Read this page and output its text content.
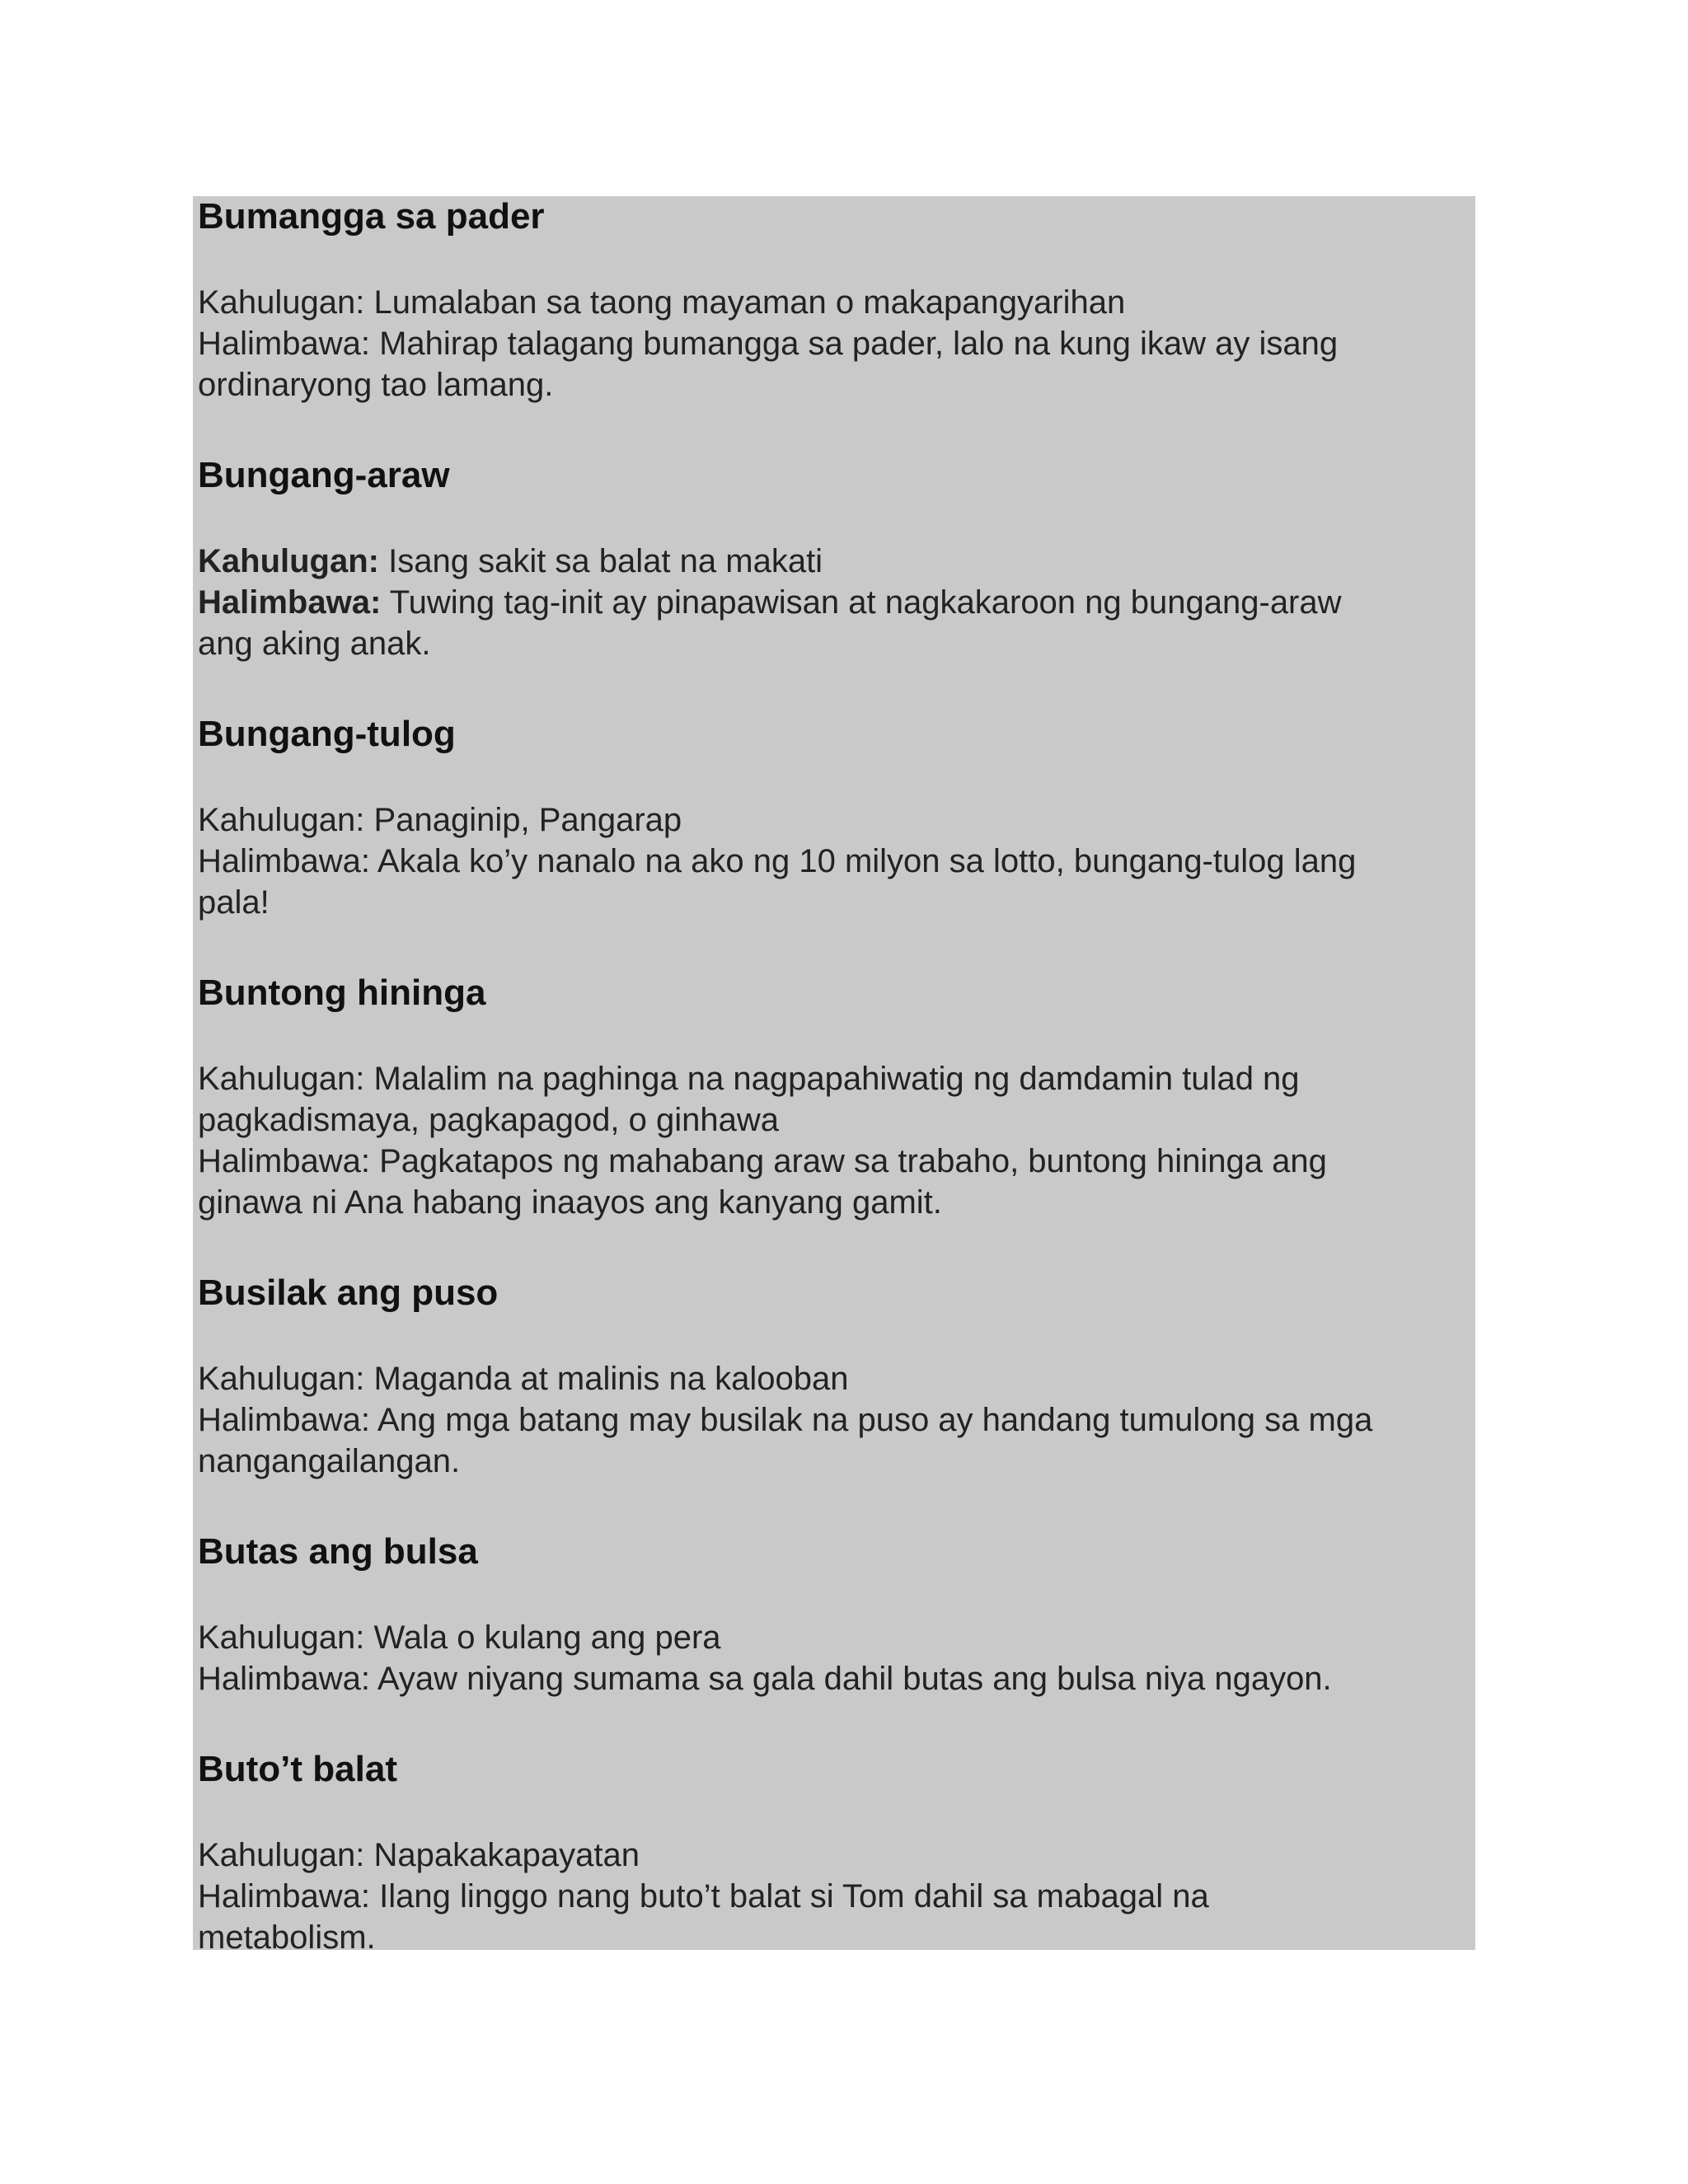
Bumangga sa pader
Kahulugan: Lumalaban sa taong mayaman o makapangyarihan
Halimbawa: Mahirap talagang bumangga sa pader, lalo na kung ikaw ay isang
ordinaryong tao lamang.
Bungang-araw
Kahulugan: Isang sakit sa balat na makati
Halimbawa: Tuwing tag-init ay pinapawisan at nagkakaroon ng bungang-araw
ang aking anak.
Bungang-tulog
Kahulugan: Panaginip, Pangarap
Halimbawa: Akala ko’y nanalo na ako ng 10 milyon sa lotto, bungang-tulog lang
pala!
Buntong hininga
Kahulugan: Malalim na paghinga na nagpapahiwatig ng damdamin tulad ng
pagkadismaya, pagkapagod, o ginhawa
Halimbawa: Pagkatapos ng mahabang araw sa trabaho, buntong hininga ang
ginawa ni Ana habang inaayos ang kanyang gamit.
Busilak ang puso
Kahulugan: Maganda at malinis na kalooban
Halimbawa: Ang mga batang may busilak na puso ay handang tumulong sa mga
nangangailangan.
Butas ang bulsa
Kahulugan: Wala o kulang ang pera
Halimbawa: Ayaw niyang sumama sa gala dahil butas ang bulsa niya ngayon.
Buto’t balat
Kahulugan: Napakakapayatan
Halimbawa: Ilang linggo nang buto’t balat si Tom dahil sa mabagal na
metabolism.
